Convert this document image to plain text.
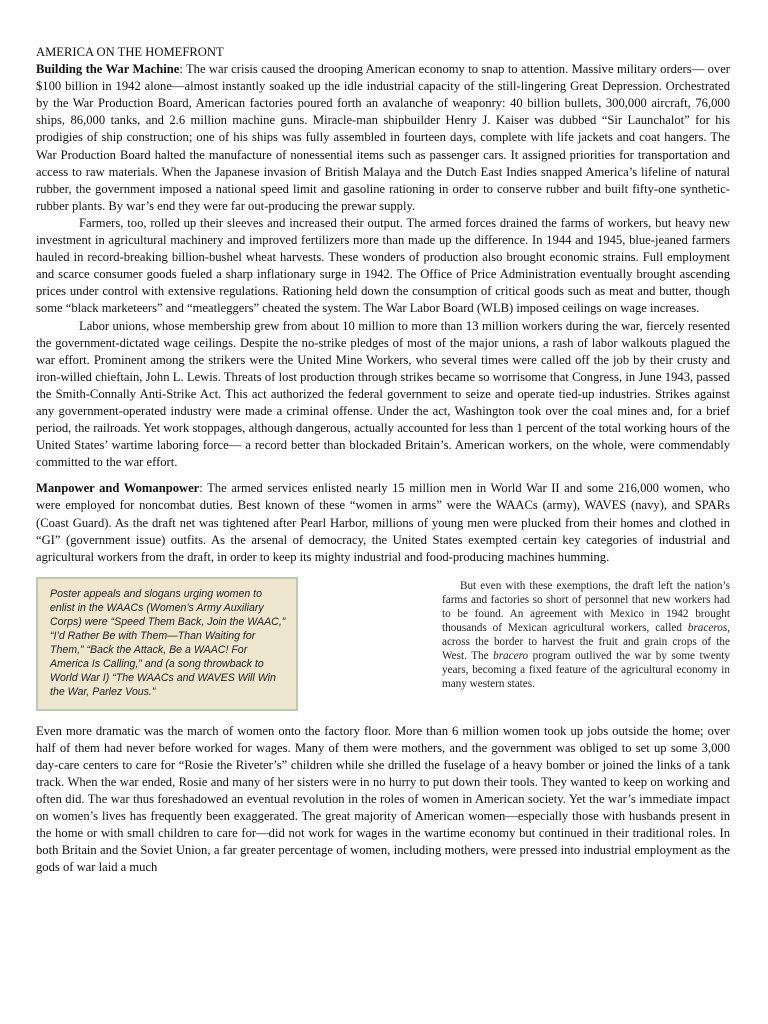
AMERICA ON THE HOMEFRONT

Building the War Machine: The war crisis caused the drooping American economy to snap to attention. Massive military orders— over $100 billion in 1942 alone—almost instantly soaked up the idle industrial capacity of the still-lingering Great Depression. Orchestrated by the War Production Board, American factories poured forth an avalanche of weaponry: 40 billion bullets, 300,000 aircraft, 76,000 ships, 86,000 tanks, and 2.6 million machine guns. Miracle-man shipbuilder Henry J. Kaiser was dubbed “Sir Launchalot” for his prodigies of ship construction; one of his ships was fully assembled in fourteen days, complete with life jackets and coat hangers. The War Production Board halted the manufacture of nonessential items such as passenger cars. It assigned priorities for transportation and access to raw materials. When the Japanese invasion of British Malaya and the Dutch East Indies snapped America’s lifeline of natural rubber, the government imposed a national speed limit and gasoline rationing in order to conserve rubber and built fifty-one synthetic-rubber plants. By war’s end they were far out-producing the prewar supply.

Farmers, too, rolled up their sleeves and increased their output. The armed forces drained the farms of workers, but heavy new investment in agricultural machinery and improved fertilizers more than made up the difference. In 1944 and 1945, blue-jeaned farmers hauled in record-breaking billion-bushel wheat harvests. These wonders of production also brought economic strains. Full employment and scarce consumer goods fueled a sharp inflationary surge in 1942. The Office of Price Administration eventually brought ascending prices under control with extensive regulations. Rationing held down the consumption of critical goods such as meat and butter, though some “black marketeers” and “meatleggers” cheated the system. The War Labor Board (WLB) imposed ceilings on wage increases.

Labor unions, whose membership grew from about 10 million to more than 13 million workers during the war, fiercely resented the government-dictated wage ceilings. Despite the no-strike pledges of most of the major unions, a rash of labor walkouts plagued the war effort. Prominent among the strikers were the United Mine Workers, who several times were called off the job by their crusty and iron-willed chieftain, John L. Lewis. Threats of lost production through strikes became so worrisome that Congress, in June 1943, passed the Smith-Connally Anti-Strike Act. This act authorized the federal government to seize and operate tied-up industries. Strikes against any government-operated industry were made a criminal offense. Under the act, Washington took over the coal mines and, for a brief period, the railroads. Yet work stoppages, although dangerous, actually accounted for less than 1 percent of the total working hours of the United States’ wartime laboring force— a record better than blockaded Britain’s. American workers, on the whole, were commendably committed to the war effort.

Manpower and Womanpower: The armed services enlisted nearly 15 million men in World War II and some 216,000 women, who were employed for noncombat duties. Best known of these “women in arms” were the WAACs (army), WAVES (navy), and SPARs (Coast Guard). As the draft net was tightened after Pearl Harbor, millions of young men were plucked from their homes and clothed in “GI” (government issue) outfits. As the arsenal of democracy, the United States exempted certain key categories of industrial and agricultural workers from the draft, in order to keep its mighty industrial and food-producing machines humming.

Poster appeals and slogans urging women to enlist in the WAACs (Women’s Army Auxiliary Corps) were “Speed Them Back, Join the WAAC,” “I’d Rather Be with Them—Than Waiting for Them,” “Back the Attack, Be a WAAC! For America Is Calling,” and (a song throwback to World War I) “The WAACs and WAVES Will Win the War, Parlez Vous.”
But even with these exemptions, the draft left the nation’s farms and factories so short of personnel that new workers had to be found. An agreement with Mexico in 1942 brought thousands of Mexican agricultural workers, called braceros, across the border to harvest the fruit and grain crops of the West. The bracero program outlived the war by some twenty years, becoming a fixed feature of the agricultural economy in many western states.

Even more dramatic was the march of women onto the factory floor. More than 6 million women took up jobs outside the home; over half of them had never before worked for wages. Many of them were mothers, and the government was obliged to set up some 3,000 day-care centers to care for “Rosie the Riveter’s” children while she drilled the fuselage of a heavy bomber or joined the links of a tank track. When the war ended, Rosie and many of her sisters were in no hurry to put down their tools. They wanted to keep on working and often did. The war thus foreshadowed an eventual revolution in the roles of women in American society. Yet the war’s immediate impact on women’s lives has frequently been exaggerated. The great majority of American women—especially those with husbands present in the home or with small children to care for—did not work for wages in the wartime economy but continued in their traditional roles. In both Britain and the Soviet Union, a far greater percentage of women, including mothers, were pressed into industrial employment as the gods of war laid a much
